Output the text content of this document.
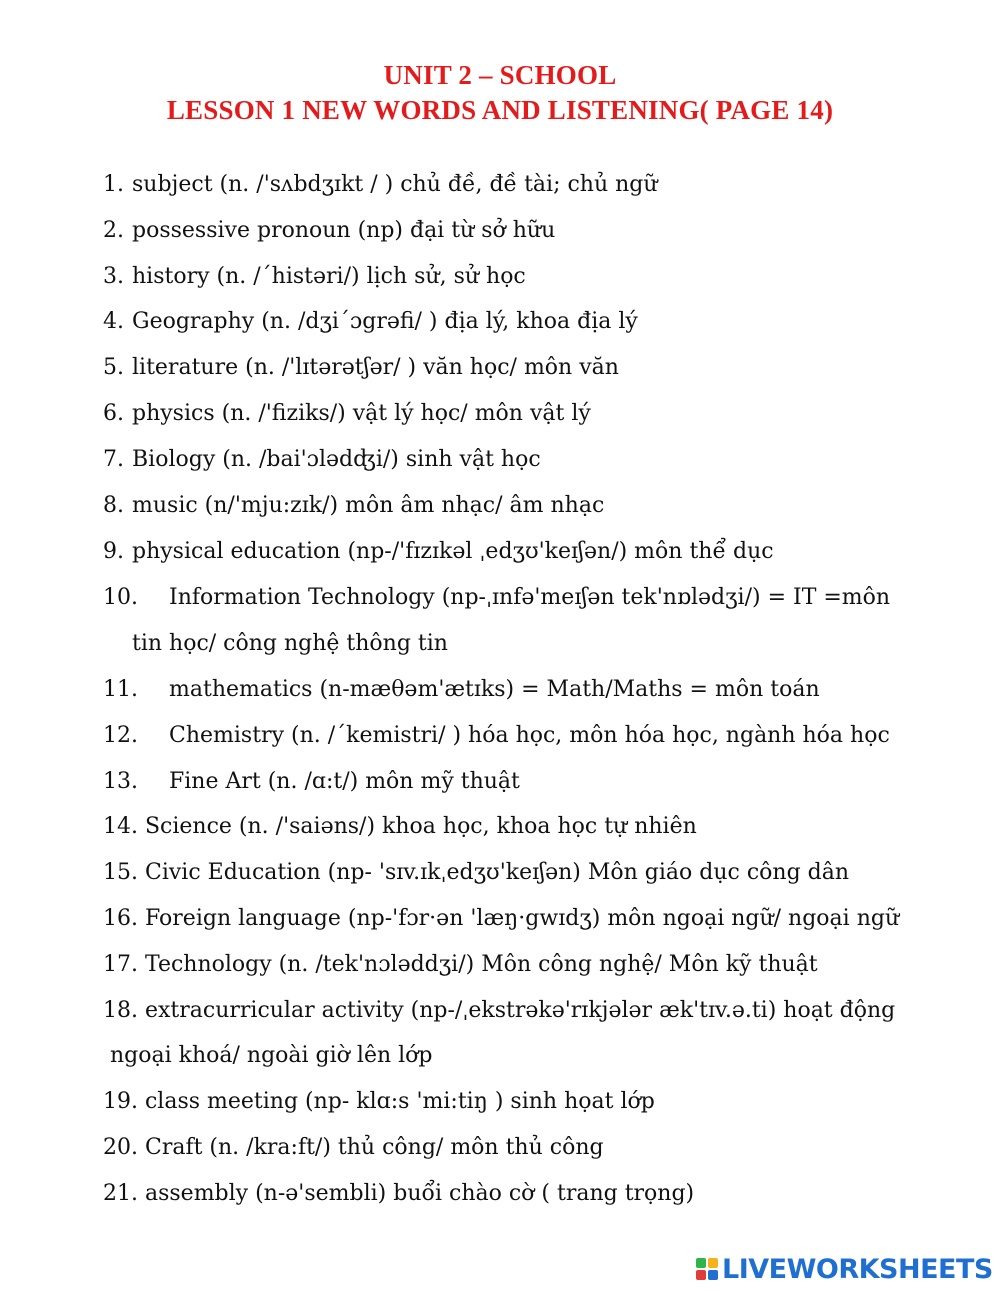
UNIT 2 – SCHOOL
LESSON 1 NEW WORDS AND LISTENING( PAGE 14)
1. subject (n. /'sʌbdʒɪkt / ) chủ đề, đề tài; chủ ngữ
2. possessive pronoun (np) đại từ sở hữu
3. history (n. /ˊhistəri/) lịch sử, sử học
4. Geography (n. /dʒiˊɔgrəfi/ ) địa lý, khoa địa lý
5. literature (n. /'lɪtərətʃər/ ) văn học/ môn văn
6. physics (n. /'fiziks/) vật lý học/ môn vật lý
7. Biology (n. /bai'ɔlədʤi/) sinh vật học
8. music (n/'mju:zɪk/) môn âm nhạc/ âm nhạc
9. physical education (np-/'fɪzɪkəl ˌedʒʊ'keɪʃən/) môn thể dục
10. Information Technology (np-ˌɪnfə'meɪʃən tek'nɒlədʒi/) = IT =môn
tin học/ công nghệ thông tin
11. mathematics (n-mæθəm'ætɪks) = Math/Maths = môn toán
12. Chemistry (n. /ˊkemistri/ ) hóa học, môn hóa học, ngành hóa học
13. Fine Art (n. /ɑ:t/) môn mỹ thuật
14. Science (n. /'saiəns/) khoa học, khoa học tự nhiên
15. Civic Education (np- 'sɪv.ɪkˌedʒʊ'keɪʃən) Môn giáo dục công dân
16. Foreign language (np-'fɔr·ən 'læŋ·gwɪdʒ) môn ngoại ngữ/ ngoại ngữ
17. Technology (n. /tek'nɔləddʒi/) Môn công nghệ/ Môn kỹ thuật
18. extracurricular activity (np-/ˌekstrəkə'rɪkjələr æk'tɪv.ə.ti) hoạt động
ngoại khoá/ ngoài giờ lên lớp
19. class meeting (np- klɑ:s 'mi:tiŋ ) sinh họat lớp
20. Craft (n. /kra:ft/) thủ công/ môn thủ công
21. assembly (n-ə'sembli) buổi chào cờ ( trang trọng)
LIVEWORKSHEETS
